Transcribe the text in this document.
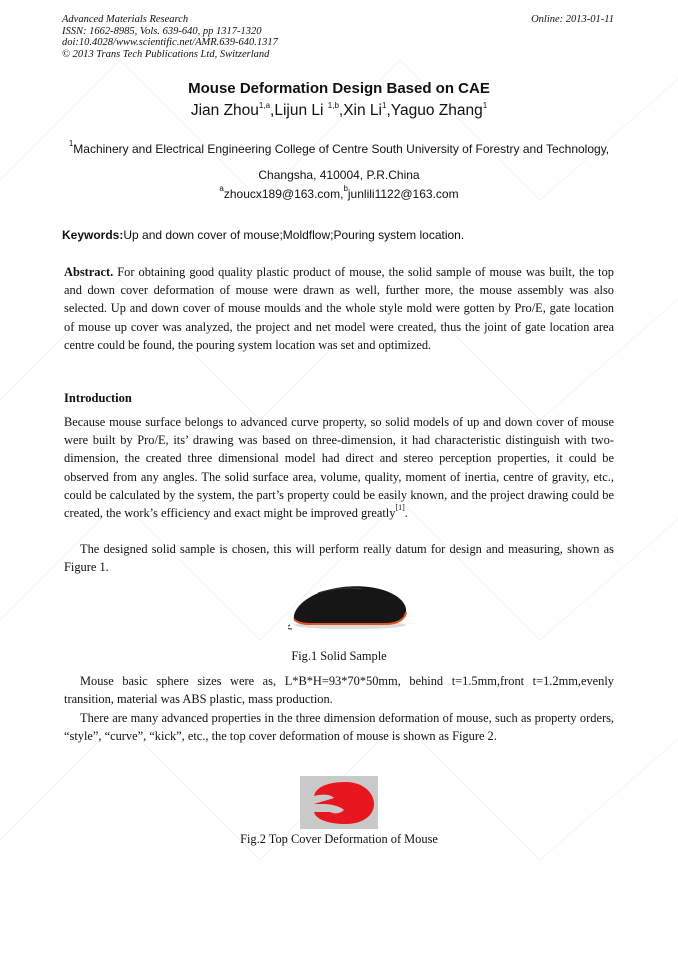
Advanced Materials Research
ISSN: 1662-8985, Vols. 639-640, pp 1317-1320
doi:10.4028/www.scientific.net/AMR.639-640.1317
© 2013 Trans Tech Publications Ltd, Switzerland
Online: 2013-01-11
Mouse Deformation Design Based on CAE
Jian Zhou$^{1,a}$,Lijun Li $^{1,b}$,Xin Li$^1$,Yaguo Zhang$^1$
$^1$Machinery and Electrical Engineering College of Centre South University of Forestry and Technology, Changsha, 410004, P.R.China
$^a$zhoucx189@163.com,$^b$junlili1122@163.com
Keywords:Up and down cover of mouse;Moldflow;Pouring system location.
Abstract. For obtaining good quality plastic product of mouse, the solid sample of mouse was built, the top and down cover deformation of mouse were drawn as well, further more, the mouse assembly was also selected. Up and down cover of mouse moulds and the whole style mold were gotten by Pro/E, gate location of mouse up cover was analyzed, the project and net model were created, thus the joint of gate location area centre could be found, the pouring system location was set and optimized.
Introduction
Because mouse surface belongs to advanced curve property, so solid models of up and down cover of mouse were built by Pro/E, its’ drawing was based on three-dimension, it had characteristic distinguish with two-dimension, the created three dimensional model had direct and stereo perception properties, it could be observed from any angles. The solid surface area, volume, quality, moment of inertia, centre of gravity, etc., could be calculated by the system, the part’s property could be easily known, and the project drawing could be created, the work’s efficiency and exact might be improved greatly[1].
The designed solid sample is chosen, this will perform really datum for design and measuring, shown as Figure 1.
Fig.1 Solid Sample
Mouse basic sphere sizes were as, L*B*H=93*70*50mm, behind t=1.5mm,front t=1.2mm,evenly transition, material was ABS plastic, mass production.
There are many advanced properties in the three dimension deformation of mouse, such as property orders, “style”, “curve”, “kick”, etc., the top cover deformation of mouse is shown as Figure 2.
Fig.2 Top Cover Deformation of Mouse
